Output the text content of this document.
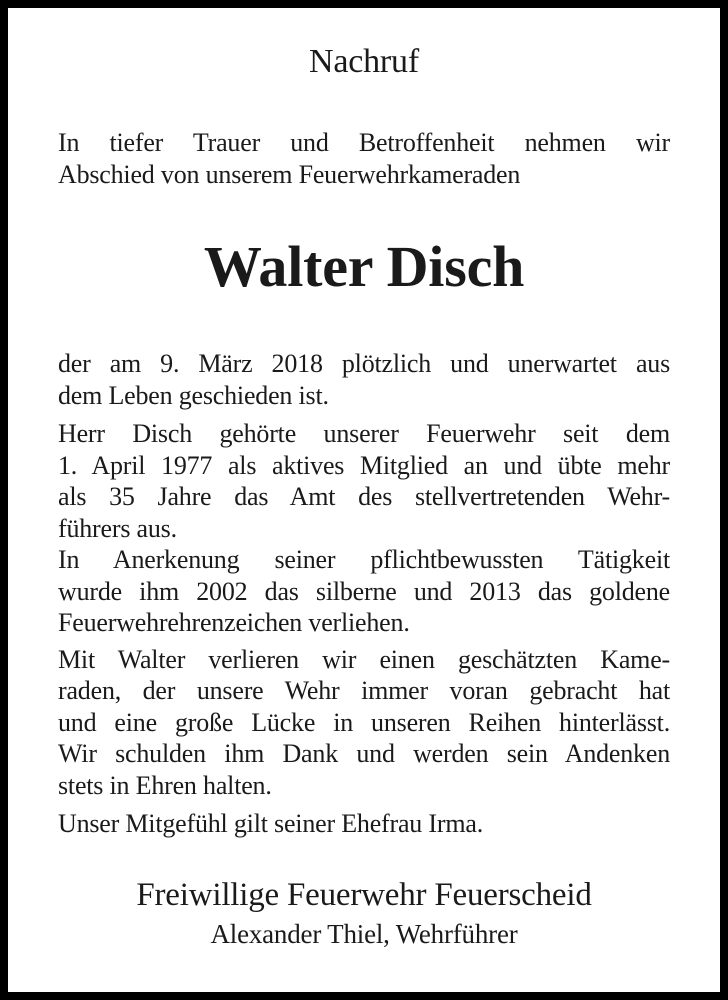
Nachruf
In tiefer Trauer und Betroffenheit nehmen wir
Abschied von unserem Feuerwehrkameraden
Walter Disch
der am 9. März 2018 plötzlich und unerwartet aus
dem Leben geschieden ist.
Herr Disch gehörte unserer Feuerwehr seit dem
1. April 1977 als aktives Mitglied an und übte mehr
als 35 Jahre das Amt des stellvertretenden Wehr-
führers aus.
In Anerkenung seiner pflichtbewussten Tätigkeit
wurde ihm 2002 das silberne und 2013 das goldene
Feuerwehrehrenzeichen verliehen.
Mit Walter verlieren wir einen geschätzten Kame-
raden, der unsere Wehr immer voran gebracht hat
und eine große Lücke in unseren Reihen hinterlässt.
Wir schulden ihm Dank und werden sein Andenken
stets in Ehren halten.
Unser Mitgefühl gilt seiner Ehefrau Irma.
Freiwillige Feuerwehr Feuerscheid
Alexander Thiel, Wehrführer
